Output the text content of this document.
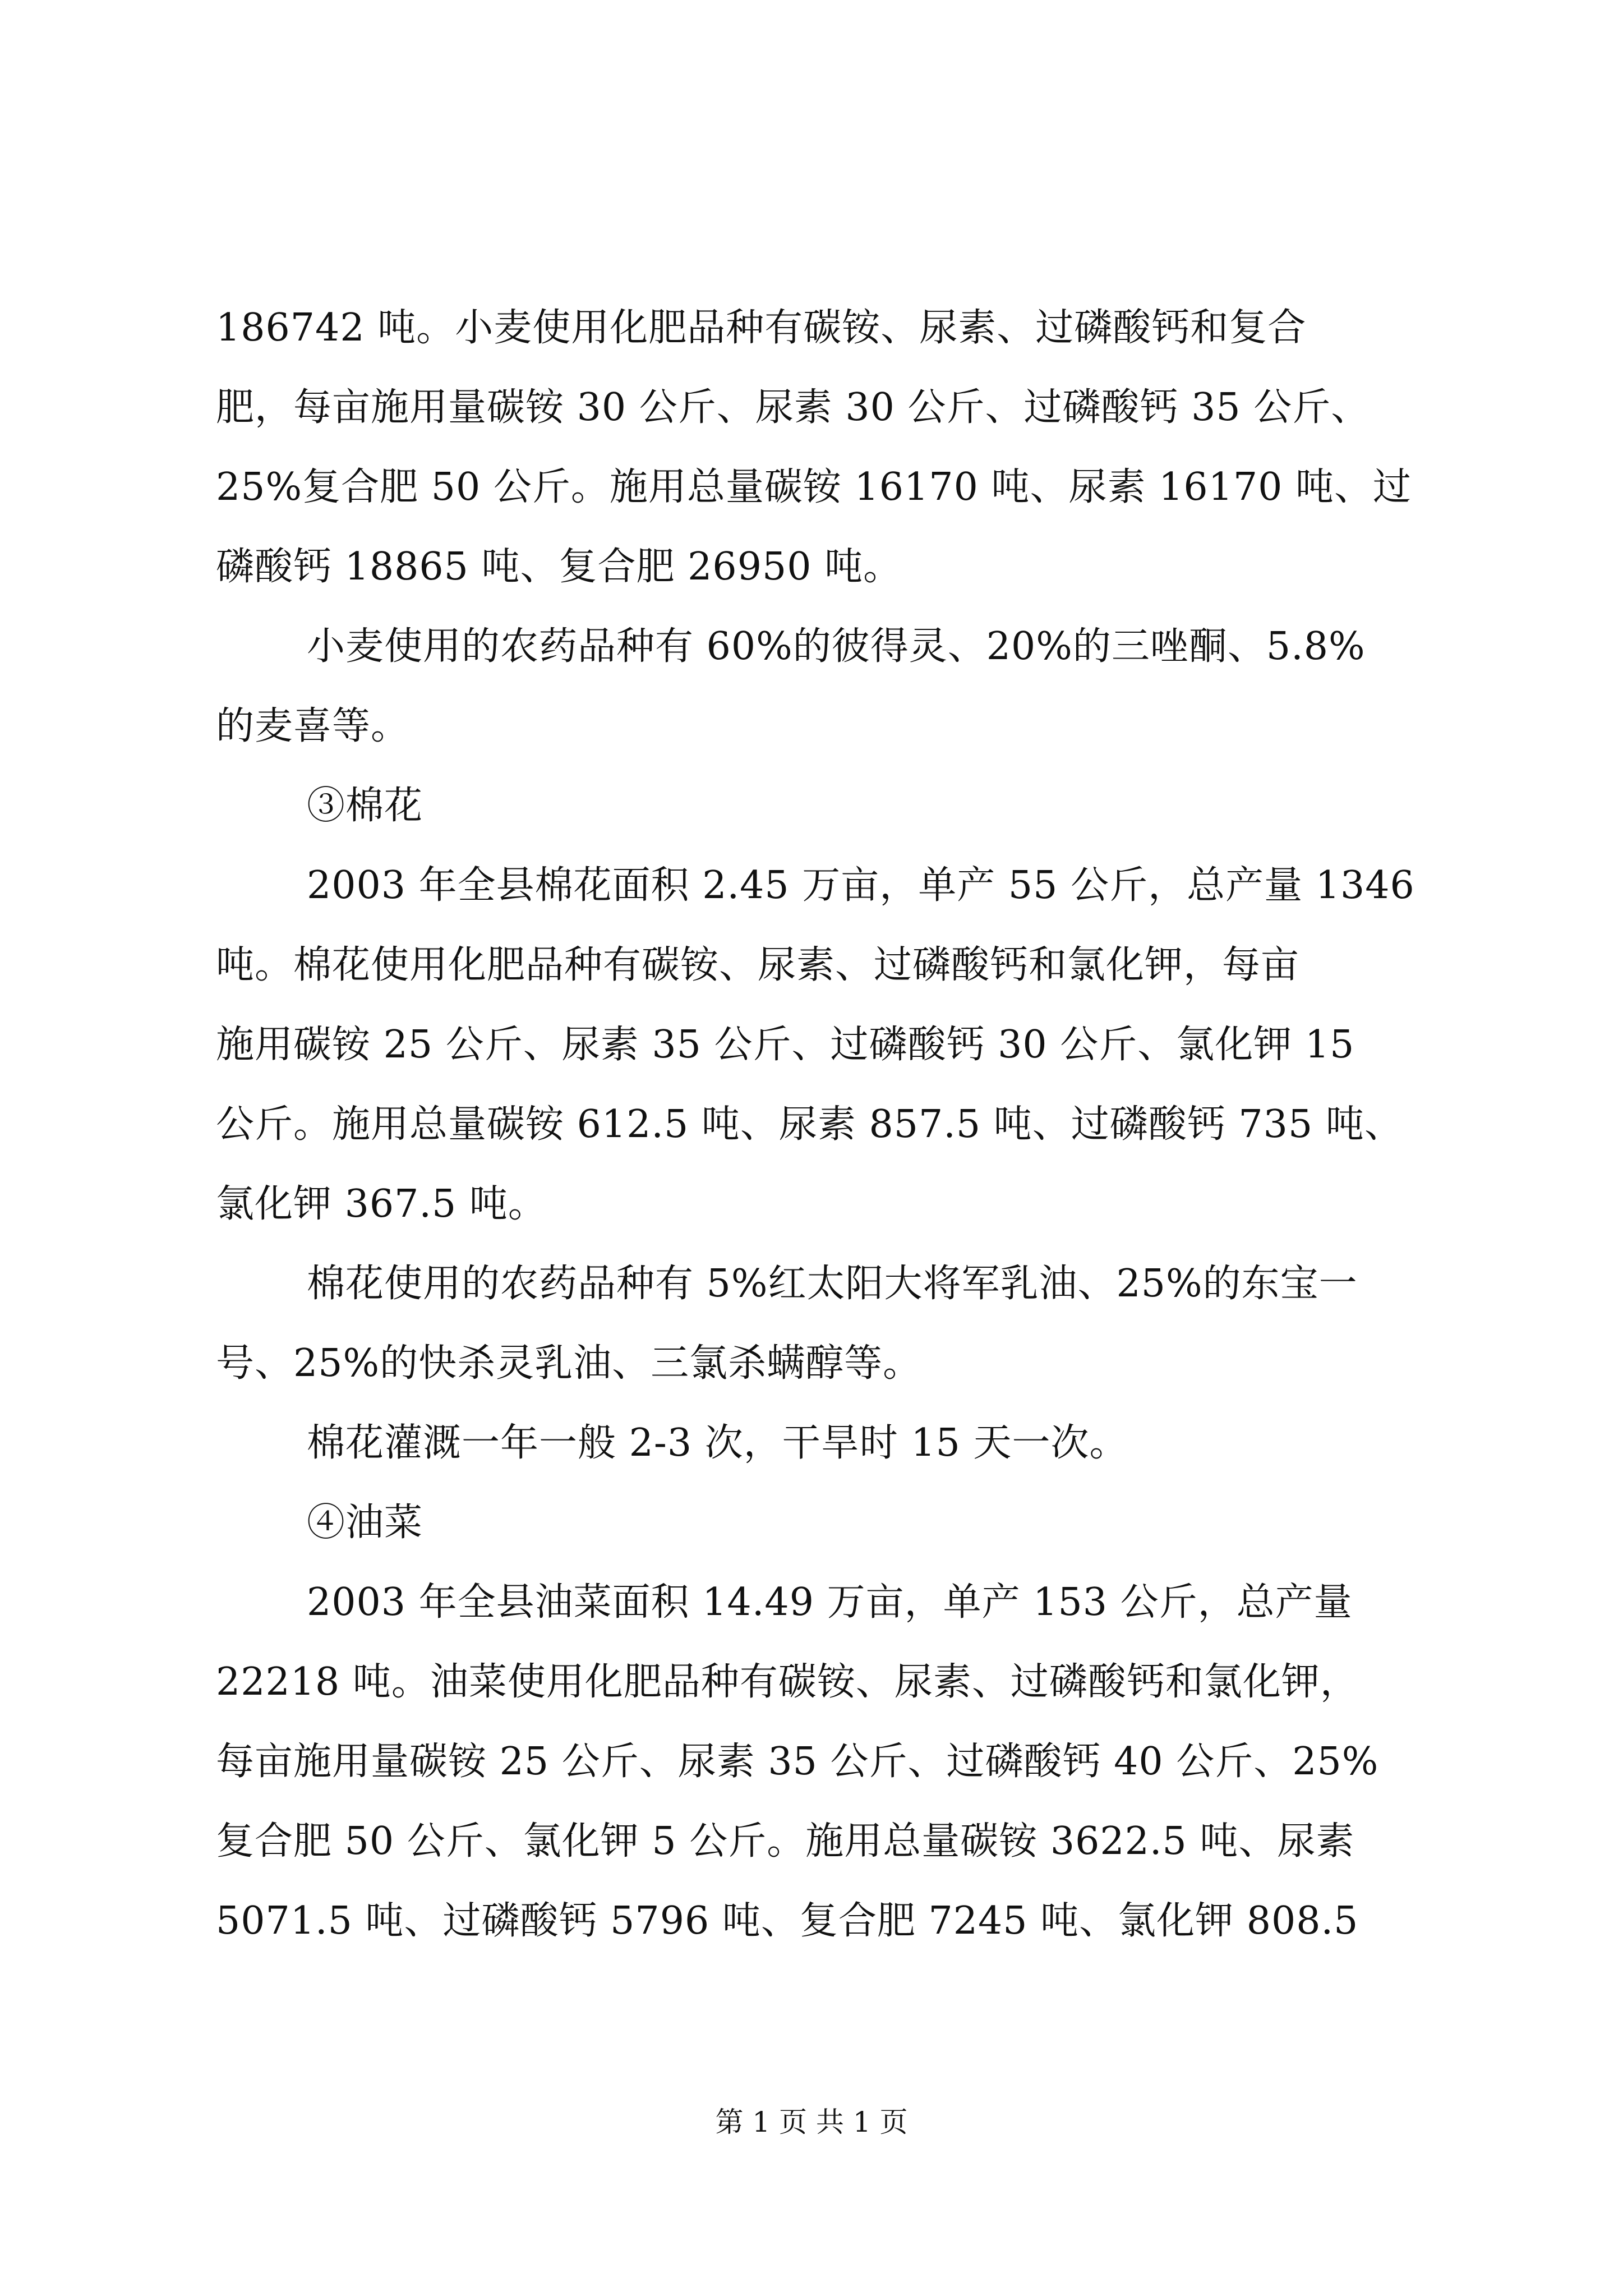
186742 吨。小麦使用化肥品种有碳铵、尿素、过磷酸钙和复合
肥，每亩施用量碳铵 30 公斤、尿素 30 公斤、过磷酸钙 35 公斤、
25%复合肥 50 公斤。施用总量碳铵 16170 吨、尿素 16170 吨、过
磷酸钙 18865 吨、复合肥 26950 吨。
小麦使用的农药品种有 60%的彼得灵、20%的三唑酮、5.8%
的麦喜等。
③棉花
2003 年全县棉花面积 2.45 万亩，单产 55 公斤，总产量 1346
吨。棉花使用化肥品种有碳铵、尿素、过磷酸钙和氯化钾，每亩
施用碳铵 25 公斤、尿素 35 公斤、过磷酸钙 30 公斤、氯化钾 15
公斤。施用总量碳铵 612.5 吨、尿素 857.5 吨、过磷酸钙 735 吨、
氯化钾 367.5 吨。
棉花使用的农药品种有 5%红太阳大将军乳油、25%的东宝一
号、25%的快杀灵乳油、三氯杀螨醇等。
棉花灌溉一年一般 2-3 次，干旱时 15 天一次。
④油菜
2003 年全县油菜面积 14.49 万亩，单产 153 公斤，总产量
22218 吨。油菜使用化肥品种有碳铵、尿素、过磷酸钙和氯化钾，
每亩施用量碳铵 25 公斤、尿素 35 公斤、过磷酸钙 40 公斤、25%
复合肥 50 公斤、氯化钾 5 公斤。施用总量碳铵 3622.5 吨、尿素
5071.5 吨、过磷酸钙 5796 吨、复合肥 7245 吨、氯化钾 808.5
第 1 页 共 1 页
